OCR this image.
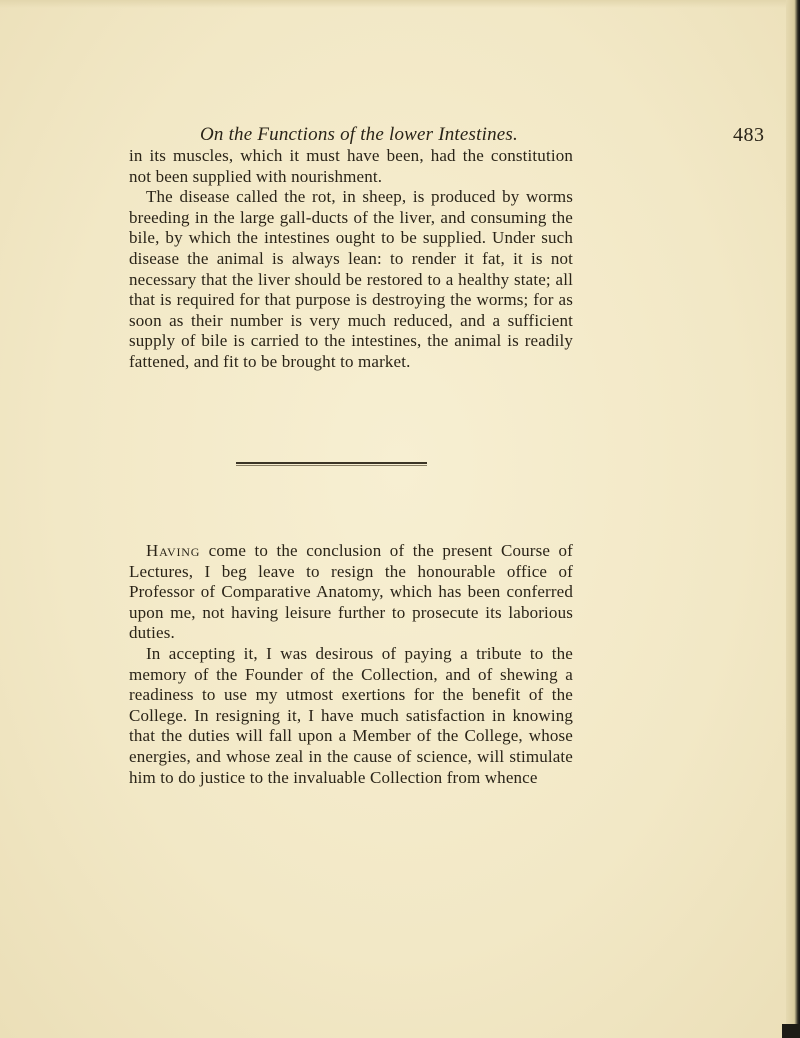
On the Functions of the lower Intestines.	483

in its muscles, which it must have been, had the constitution not been supplied with nourishment.

The disease called the rot, in sheep, is produced by worms breeding in the large gall-ducts of the liver, and consuming the bile, by which the intestines ought to be supplied. Under such disease the animal is always lean: to render it fat, it is not necessary that the liver should be restored to a healthy state; all that is required for that purpose is destroying the worms; for as soon as their number is very much reduced, and a sufficient supply of bile is carried to the intestines, the animal is readily fattened, and fit to be brought to market.

Having come to the conclusion of the present Course of Lectures, I beg leave to resign the honourable office of Professor of Comparative Anatomy, which has been conferred upon me, not having leisure further to prosecute its laborious duties.

In accepting it, I was desirous of paying a tribute to the memory of the Founder of the Collection, and of shewing a readiness to use my utmost exertions for the benefit of the College. In resigning it, I have much satisfaction in knowing that the duties will fall upon a Member of the College, whose energies, and whose zeal in the cause of science, will stimulate him to do justice to the invaluable Collection from whence
